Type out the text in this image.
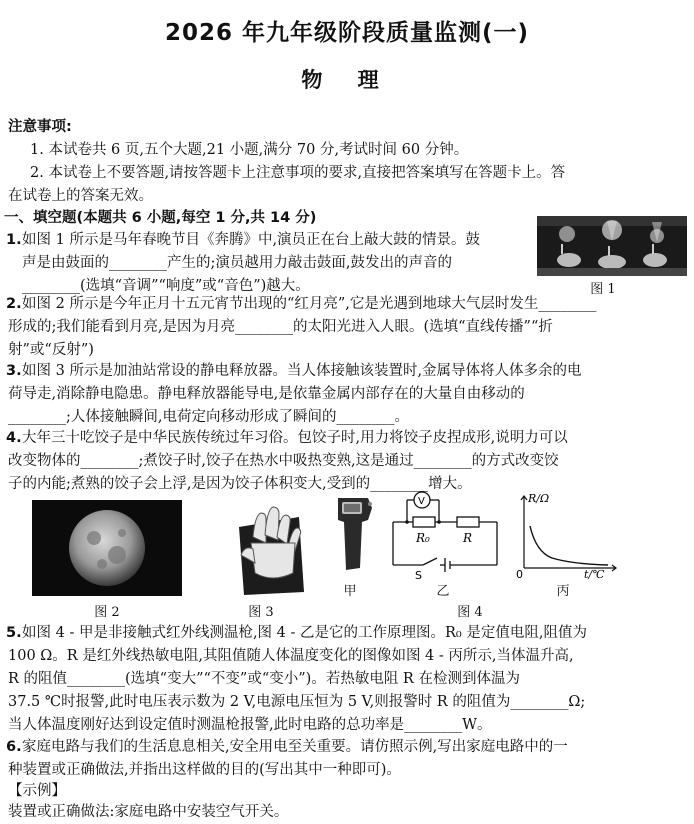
2026 年九年级阶段质量监测(一)
物 理
注意事项:
1. 本试卷共 6 页,五个大题,21 小题,满分 70 分,考试时间 60 分钟。
2. 本试卷上不要答题,请按答题卡上注意事项的要求,直接把答案填写在答题卡上。答
在试卷上的答案无效。
一、填空题(本题共 6 小题,每空 1 分,共 14 分)
1. 如图 1 所示是马年春晚节目《奔腾》中,演员正在台上敲大鼓的情景。鼓
声是由鼓面的________产生的;演员越用力敲击鼓面,鼓发出的声音的
________(选填“音调”“响度”或“音色”)越大。	图 1
2. 如图 2 所示是今年正月十五元宵节出现的“红月亮”,它是光遇到地球大气层时发生________
形成的;我们能看到月亮,是因为月亮________的太阳光进入人眼。(选填“直线传播”“折
射”或“反射”)
3. 如图 3 所示是加油站常设的静电释放器。当人体接触该装置时,金属导体将人体多余的电
荷导走,消除静电隐患。静电释放器能导电,是依靠金属内部存在的大量自由移动的
________;人体接触瞬间,电荷定向移动形成了瞬间的________。
4. 大年三十吃饺子是中华民族传统过年习俗。包饺子时,用力将饺子皮捏成形,说明力可以
改变物体的________;煮饺子时,饺子在热水中吸热变熟,这是通过________的方式改变饺
子的内能;煮熟的饺子会上浮,是因为饺子体积变大,受到的________增大。
图 2	图 3
甲
V
R₀	R
S
乙
R/Ω
0	t/℃
丙
图 4
5. 如图 4 - 甲是非接触式红外线测温枪,图 4 - 乙是它的工作原理图。R₀ 是定值电阻,阻值为
100 Ω。R 是红外线热敏电阻,其阻值随人体温度变化的图像如图 4 - 丙所示,当体温升高,
R 的阻值________(选填“变大”“不变”或“变小”)。若热敏电阻 R 在检测到体温为
37.5 ℃时报警,此时电压表示数为 2 V,电源电压恒为 5 V,则报警时 R 的阻值为________Ω;
当人体温度刚好达到设定值时测温枪报警,此时电路的总功率是________W。
6. 家庭电路与我们的生活息息相关,安全用电至关重要。请仿照示例,写出家庭电路中的一
种装置或正确做法,并指出这样做的目的(写出其中一种即可)。
【示例】
装置或正确做法:家庭电路中安装空气开关。
